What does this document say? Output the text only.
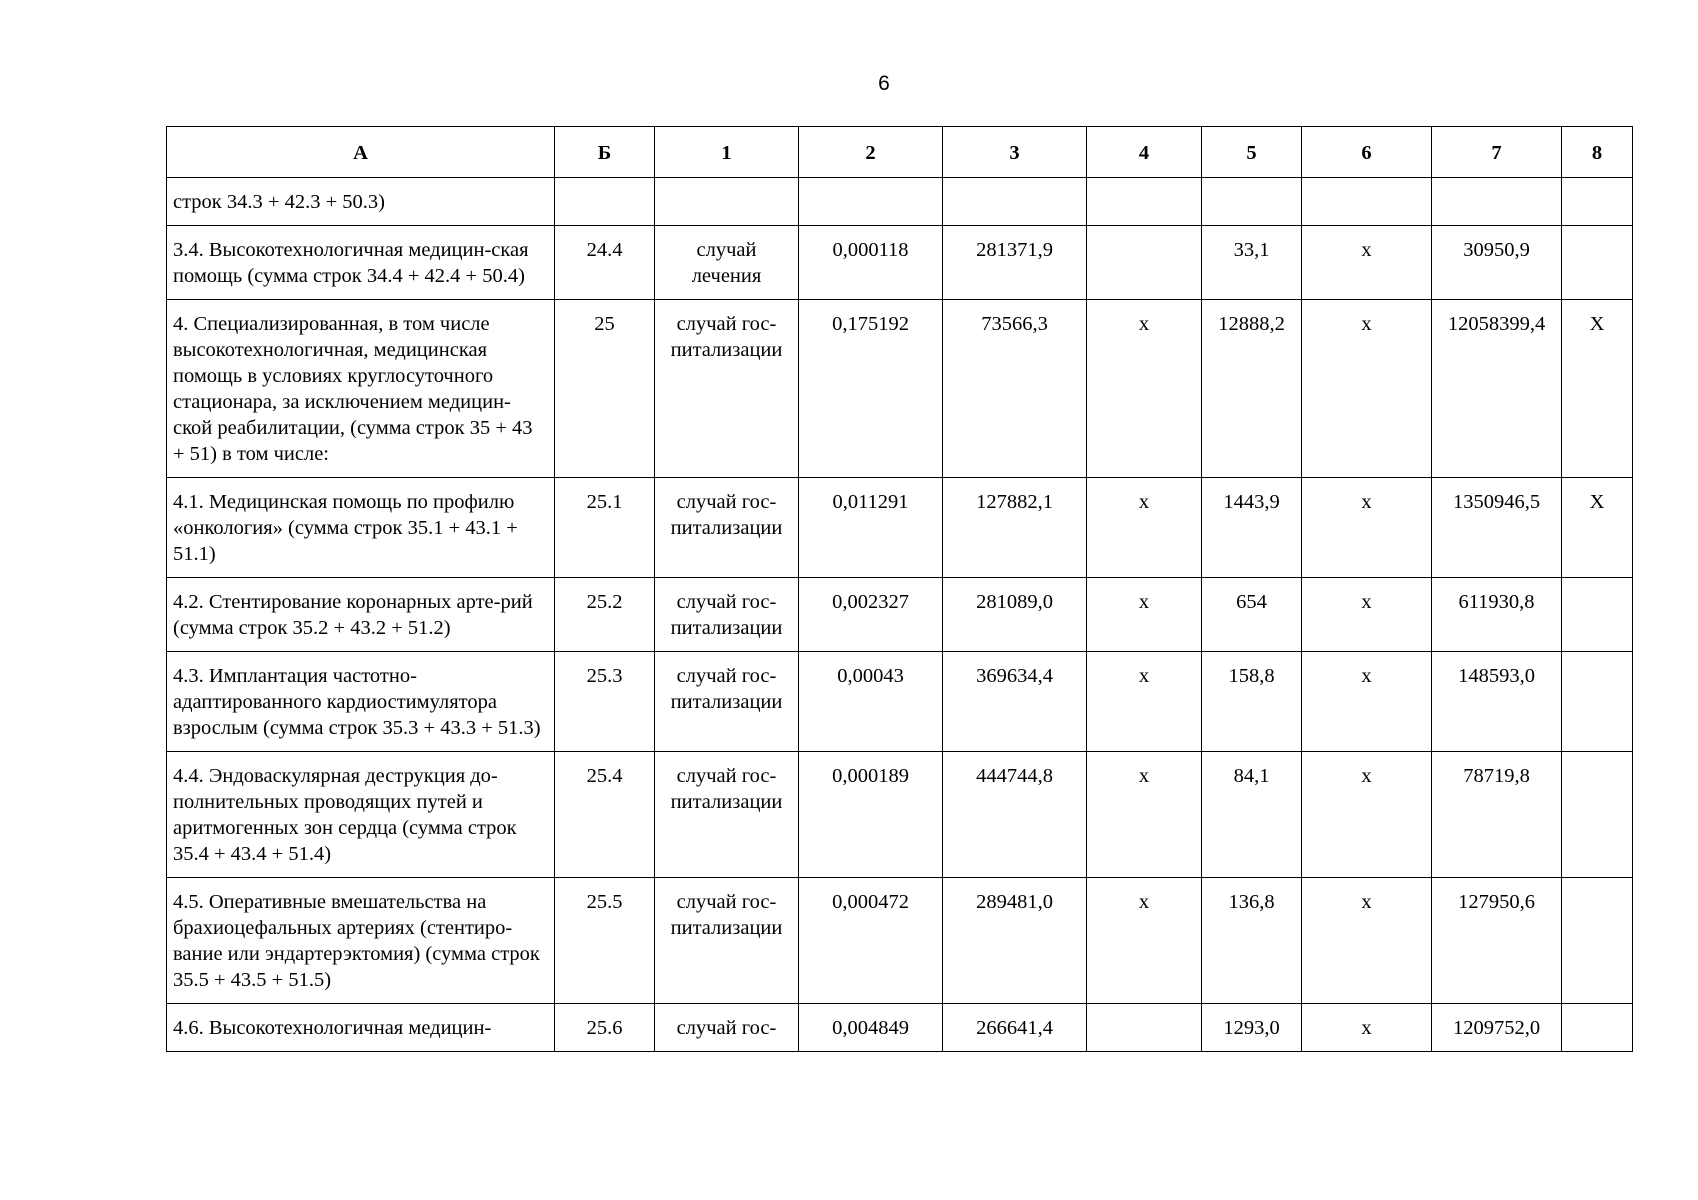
6
А	Б	1	2	3	4	5	6	7	8
строк 34.3 + 42.3 + 50.3)									
3.4. Высокотехнологичная медицин-ская помощь (сумма строк 34.4 + 42.4 + 50.4)	24.4	случай лечения	0,000118	281371,9		33,1	х	30950,9	
4. Специализированная, в том числе высокотехнологичная, медицинская помощь в условиях круглосуточного стационара, за исключением медицин-ской реабилитации, (сумма строк 35 + 43 + 51) в том числе:	25	случай гос-питализации	0,175192	73566,3	х	12888,2	х	12058399,4	Х
4.1. Медицинская помощь по профилю «онкология» (сумма строк 35.1 + 43.1 + 51.1)	25.1	случай гос-питализации	0,011291	127882,1	х	1443,9	х	1350946,5	Х
4.2. Стентирование коронарных арте-рий (сумма строк 35.2 + 43.2 + 51.2)	25.2	случай гос-питализации	0,002327	281089,0	х	654	х	611930,8	
4.3. Имплантация частотно-адаптированного кардиостимулятора взрослым (сумма строк 35.3 + 43.3 + 51.3)	25.3	случай гос-питализации	0,00043	369634,4	х	158,8	х	148593,0	
4.4. Эндоваскулярная деструкция до-полнительных проводящих путей и аритмогенных зон сердца (сумма строк 35.4 + 43.4 + 51.4)	25.4	случай гос-питализации	0,000189	444744,8	х	84,1	х	78719,8	
4.5. Оперативные вмешательства на брахиоцефальных артериях (стентиро-вание или эндартерэктомия) (сумма строк 35.5 + 43.5 + 51.5)	25.5	случай гос-питализации	0,000472	289481,0	х	136,8	х	127950,6	
4.6. Высокотехнологичная медицин-	25.6	случай гос-	0,004849	266641,4		1293,0	х	1209752,0	
